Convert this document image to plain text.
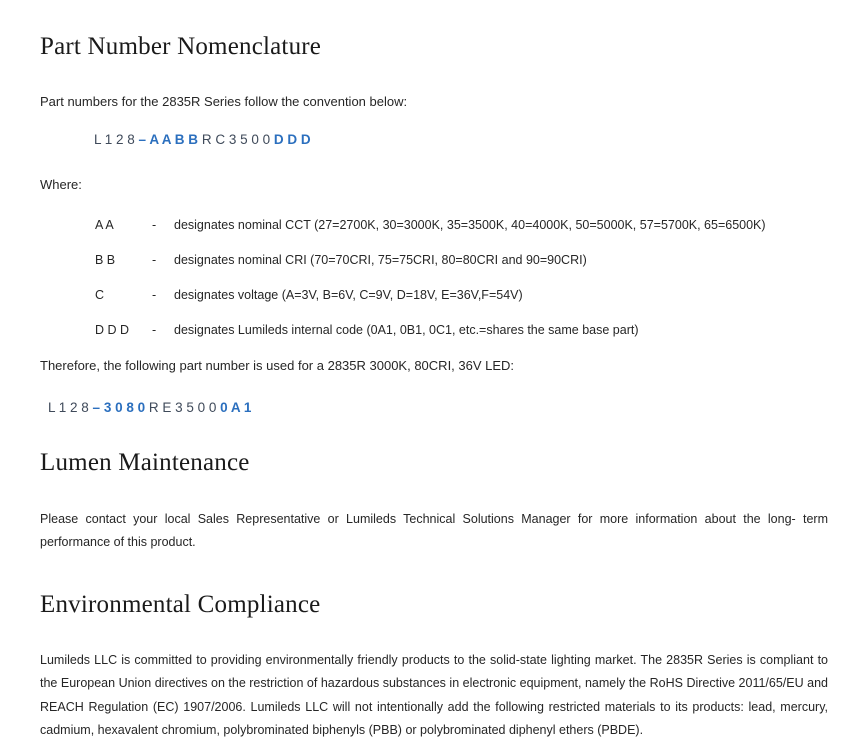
Part Number Nomenclature

Part numbers for the 2835R Series follow the convention below:

L 1 2 8 – A A B B R C 3 5 0 0 D D D

Where:

A A	-	designates nominal CCT (27=2700K, 30=3000K, 35=3500K, 40=4000K, 50=5000K, 57=5700K, 65=6500K)
B B	-	designates nominal CRI (70=70CRI, 75=75CRI, 80=80CRI and 90=90CRI)
C	-	designates voltage (A=3V, B=6V, C=9V, D=18V, E=36V,F=54V)
D D D	-	designates Lumileds internal code (0A1, 0B1, 0C1, etc.=shares the same base part)

Therefore, the following part number is used for a 2835R 3000K, 80CRI, 36V LED:

L 1 2 8 – 3 0 8 0 R E 3 5 0 0 0 A 1
Lumen Maintenance

Please contact your local Sales Representative or Lumileds Technical Solutions Manager for more information about the long- term performance of this product.

Environmental Compliance

Lumileds LLC is committed to providing environmentally friendly products to the solid-state lighting market. The 2835R Series is compliant to the European Union directives on the restriction of hazardous substances in electronic equipment, namely the RoHS Directive 2011/65/EU and REACH Regulation (EC) 1907/2006. Lumileds LLC will not intentionally add the following restricted materials to its products: lead, mercury, cadmium, hexavalent chromium, polybrominated biphenyls (PBB) or polybrominated diphenyl ethers (PBDE).
